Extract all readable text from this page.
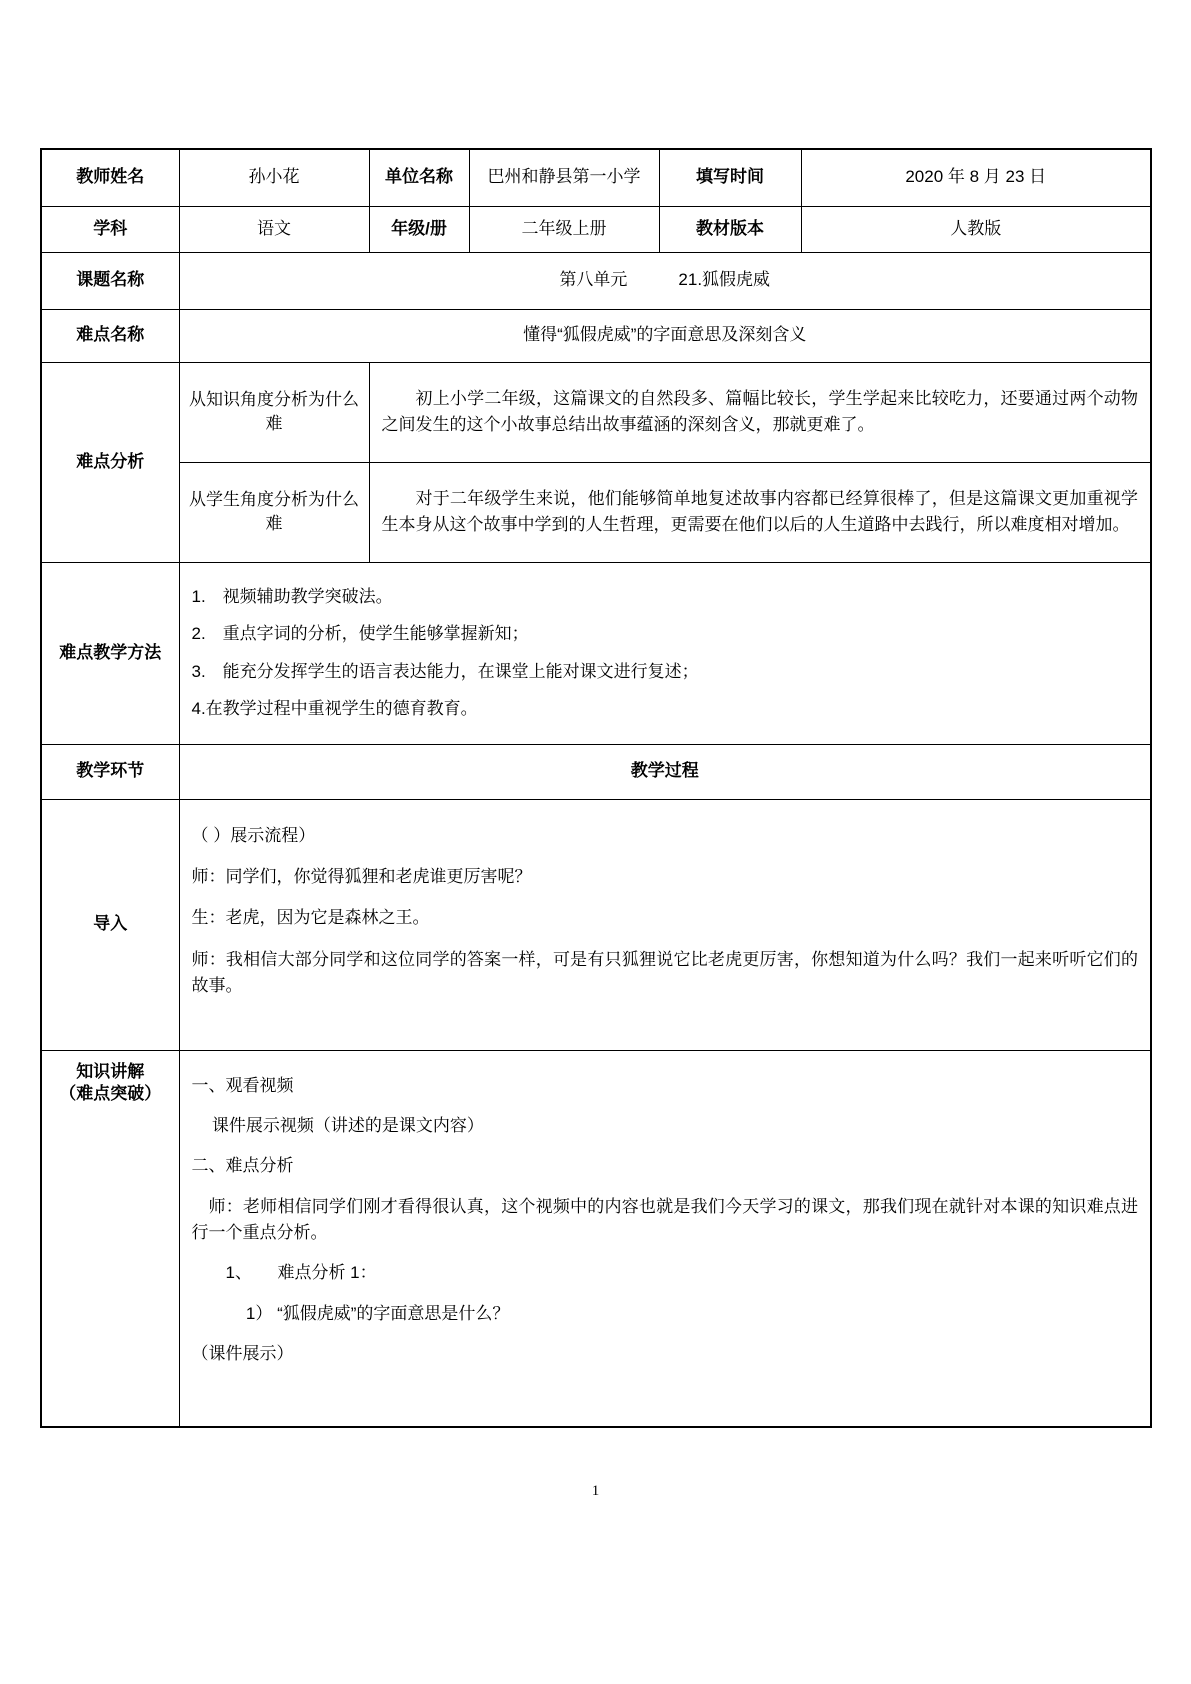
教师姓名	孙小花	单位名称	巴州和静县第一小学	填写时间	2020 年 8 月 23 日
学科	语文	年级/册	二年级上册	教材版本	人教版
课题名称	第八单元　　　21.狐假虎威				
难点名称	懂得“狐假虎威”的字面意思及深刻含义				
难点分析	从知识角度分析为什么难	初上小学二年级，这篇课文的自然段多、篇幅比较长，学生学起来比较吃力，还要通过两个动物之间发生的这个小故事总结出故事蕴涵的深刻含义，那就更难了。			
	从学生角度分析为什么难	对于二年级学生来说，他们能够简单地复述故事内容都已经算很棒了，但是这篇课文更加重视学生本身从这个故事中学到的人生哲理，更需要在他们以后的人生道路中去践行，所以难度相对增加。			
难点教学方法	1.　视频辅助教学突破法。

2.　重点字词的分析，使学生能够掌握新知；

3.　能充分发挥学生的语言表达能力，在课堂上能对课文进行复述；

4.在教学过程中重视学生的德育教育。				

教学环节	教学过程				
导入	（ ）展示流程）

师：同学们，你觉得狐狸和老虎谁更厉害呢？

生：老虎，因为它是森林之王。

师：我相信大部分同学和这位同学的答案一样，可是有只狐狸说它比老虎更厉害，你想知道为什么吗？我们一起来听听它们的故事。				

知识讲解
（难点突破）	一、观看视频

课件展示视频（讲述的是课文内容）

二、难点分析

师：老师相信同学们刚才看得很认真，这个视频中的内容也就是我们今天学习的课文，那我们现在就针对本课的知识难点进行一个重点分析。

1、　　难点分析 1：

1） “狐假虎威”的字面意思是什么？

（课件展示）

1
